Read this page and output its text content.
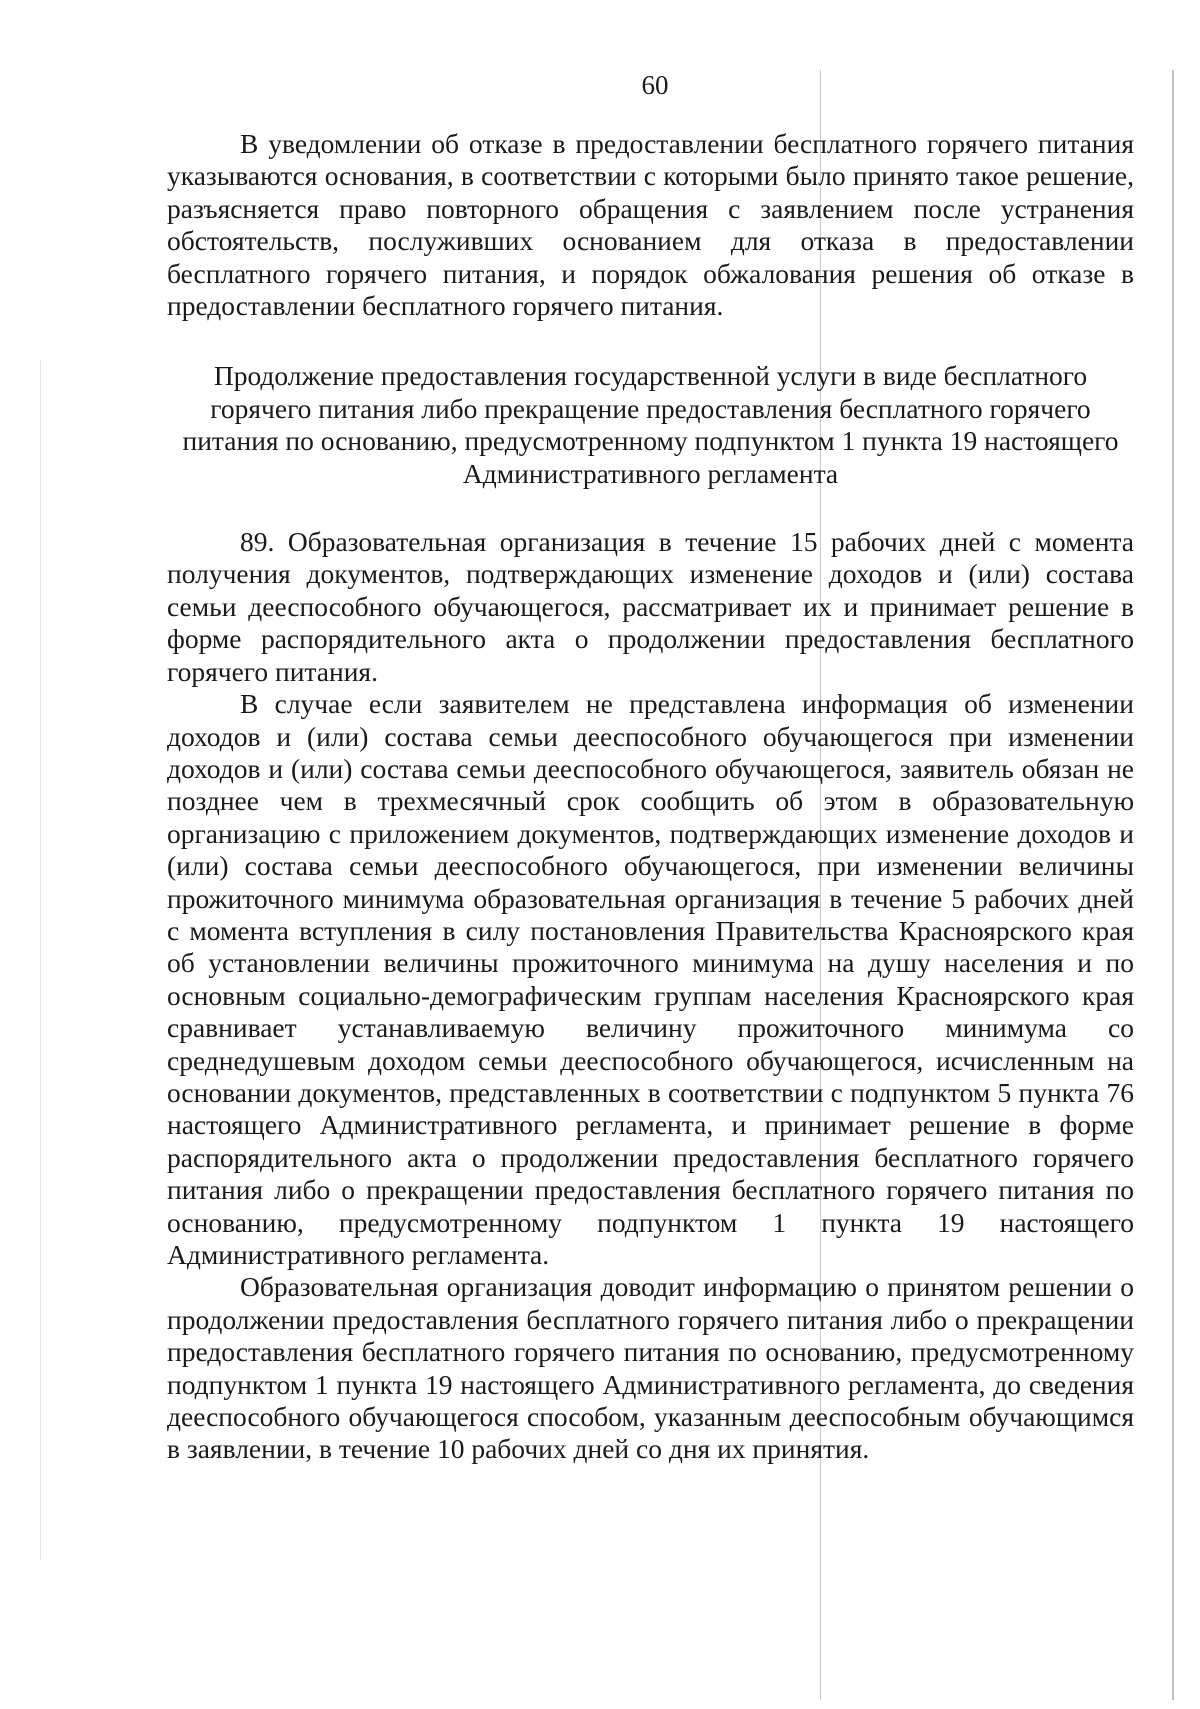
60

В уведомлении об отказе в предоставлении бесплатного горячего питания указываются основания, в соответствии с которыми было принято такое решение, разъясняется право повторного обращения с заявлением после устранения обстоятельств, послуживших основанием для отказа в предоставлении бесплатного горячего питания, и порядок обжалования решения об отказе в предоставлении бесплатного горячего питания.

Продолжение предоставления государственной услуги в виде бесплатного горячего питания либо прекращение предоставления бесплатного горячего питания по основанию, предусмотренному подпунктом 1 пункта 19 настоящего Административного регламента

89. Образовательная организация в течение 15 рабочих дней с момента получения документов, подтверждающих изменение доходов и (или) состава семьи дееспособного обучающегося, рассматривает их и принимает решение в форме распорядительного акта о продолжении предоставления бесплатного горячего питания.

В случае если заявителем не представлена информация об изменении доходов и (или) состава семьи дееспособного обучающегося при изменении доходов и (или) состава семьи дееспособного обучающегося, заявитель обязан не позднее чем в трехмесячный срок сообщить об этом в образовательную организацию с приложением документов, подтверждающих изменение доходов и (или) состава семьи дееспособного обучающегося, при изменении величины прожиточного минимума образовательная организация в течение 5 рабочих дней с момента вступления в силу постановления Правительства Красноярского края об установлении величины прожиточного минимума на душу населения и по основным социально-демографическим группам населения Красноярского края сравнивает устанавливаемую величину прожиточного минимума со среднедушевым доходом семьи дееспособного обучающегося, исчисленным на основании документов, представленных в соответствии с подпунктом 5 пункта 76 настоящего Административного регламента, и принимает решение в форме распорядительного акта о продолжении предоставления бесплатного горячего питания либо о прекращении предоставления бесплатного горячего питания по основанию, предусмотренному подпунктом 1 пункта 19 настоящего Административного регламента.

Образовательная организация доводит информацию о принятом решении о продолжении предоставления бесплатного горячего питания либо о прекращении предоставления бесплатного горячего питания по основанию, предусмотренному подпунктом 1 пункта 19 настоящего Административного регламента, до сведения дееспособного обучающегося способом, указанным дееспособным обучающимся в заявлении, в течение 10 рабочих дней со дня их принятия.
